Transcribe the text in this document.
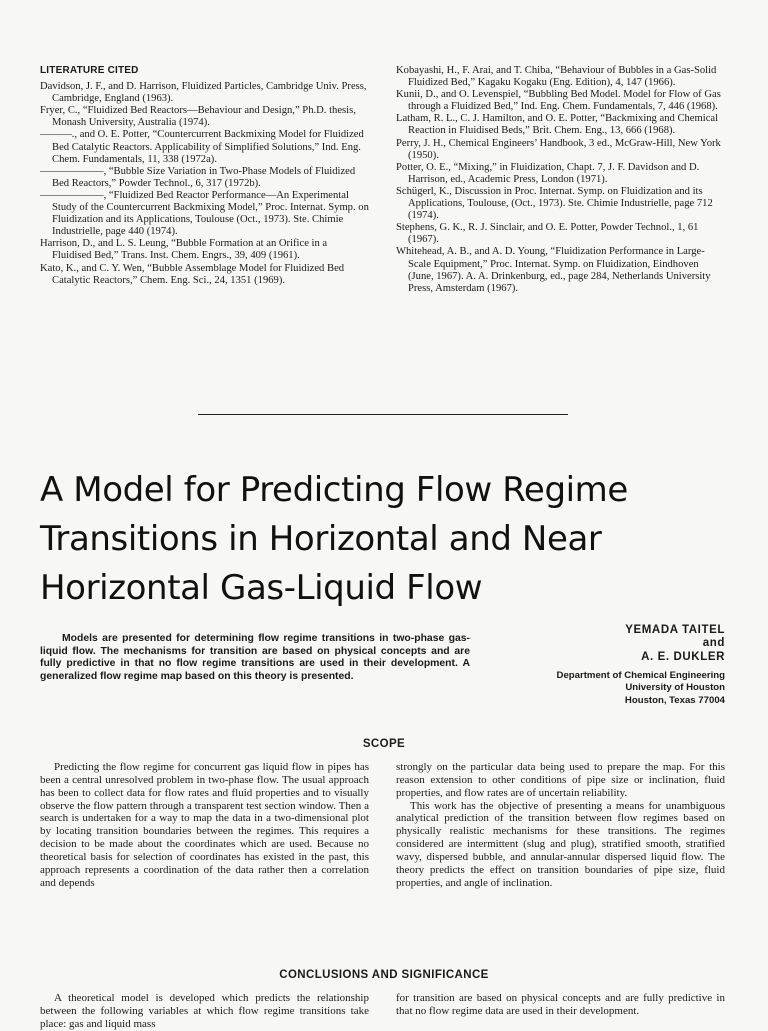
LITERATURE CITED
Davidson, J. F., and D. Harrison, Fluidized Particles, Cambridge Univ. Press, Cambridge, England (1963).
Fryer, C., “Fluidized Bed Reactors—Behaviour and Design,” Ph.D. thesis, Monash University, Australia (1974).
———., and O. E. Potter, “Countercurrent Backmixing Model for Fluidized Bed Catalytic Reactors. Applicability of Simplified Solutions,” Ind. Eng. Chem. Fundamentals, 11, 338 (1972a).
——————, “Bubble Size Variation in Two-Phase Models of Fluidized Bed Reactors,” Powder Technol., 6, 317 (1972b).
——————, “Fluidized Bed Reactor Performance—An Experimental Study of the Countercurrent Backmixing Model,” Proc. Internat. Symp. on Fluidization and its Applications, Toulouse (Oct., 1973). Ste. Chimie Industrielle, page 440 (1974).
Harrison, D., and L. S. Leung, “Bubble Formation at an Orifice in a Fluidised Bed,” Trans. Inst. Chem. Engrs., 39, 409 (1961).
Kato, K., and C. Y. Wen, “Bubble Assemblage Model for Fluidized Bed Catalytic Reactors,” Chem. Eng. Sci., 24, 1351 (1969).
Kobayashi, H., F. Arai, and T. Chiba, “Behaviour of Bubbles in a Gas-Solid Fluidized Bed,” Kagaku Kogaku (Eng. Edition), 4, 147 (1966).
Kunii, D., and O. Levenspiel, “Bubbling Bed Model. Model for Flow of Gas through a Fluidized Bed,” Ind. Eng. Chem. Fundamentals, 7, 446 (1968).
Latham, R. L., C. J. Hamilton, and O. E. Potter, “Backmixing and Chemical Reaction in Fluidised Beds,” Brit. Chem. Eng., 13, 666 (1968).
Perry, J. H., Chemical Engineers’ Handbook, 3 ed., McGraw-Hill, New York (1950).
Potter, O. E., “Mixing,” in Fluidization, Chapt. 7, J. F. Davidson and D. Harrison, ed., Academic Press, London (1971).
Schügerl, K., Discussion in Proc. Internat. Symp. on Fluidization and its Applications, Toulouse, (Oct., 1973). Ste. Chimie Industrielle, page 712 (1974).
Stephens, G. K., R. J. Sinclair, and O. E. Potter, Powder Technol., 1, 61 (1967).
Whitehead, A. B., and A. D. Young, “Fluidization Performance in Large-Scale Equipment,” Proc. Internat. Symp. on Fluidization, Eindhoven (June, 1967). A. A. Drinkenburg, ed., page 284, Netherlands University Press, Amsterdam (1967).
A Model for Predicting Flow Regime
Transitions in Horizontal and Near
Horizontal Gas-Liquid Flow

Models are presented for determining flow regime transitions in two-phase gas-liquid flow. The mechanisms for transition are based on physical concepts and are fully predictive in that no flow regime transitions are used in their development. A generalized flow regime map based on this theory is presented.

YEMADA TAITEL
and
A. E. DUKLER
Department of Chemical Engineering
University of Houston
Houston, Texas 77004
SCOPE

Predicting the flow regime for concurrent gas liquid flow in pipes has been a central unresolved problem in two-phase flow. The usual approach has been to collect data for flow rates and fluid properties and to visually observe the flow pattern through a transparent test section window. Then a search is undertaken for a way to map the data in a two-dimensional plot by locating transition boundaries between the regimes. This requires a decision to be made about the coordinates which are used. Because no theoretical basis for selection of coordinates has existed in the past, this approach represents a coordination of the data rather then a correlation and depends

strongly on the particular data being used to prepare the map. For this reason extension to other conditions of pipe size or inclination, fluid properties, and flow rates are of uncertain reliability.

This work has the objective of presenting a means for unambiguous analytical prediction of the transition between flow regimes based on physically realistic mechanisms for these transitions. The regimes considered are intermittent (slug and plug), stratified smooth, stratified wavy, dispersed bubble, and annular-annular dispersed liquid flow. The theory predicts the effect on transition boundaries of pipe size, fluid properties, and angle of inclination.

CONCLUSIONS AND SIGNIFICANCE

A theoretical model is developed which predicts the relationship between the following variables at which flow regime transitions take place: gas and liquid mass

for transition are based on physical concepts and are fully predictive in that no flow regime data are used in their development.
